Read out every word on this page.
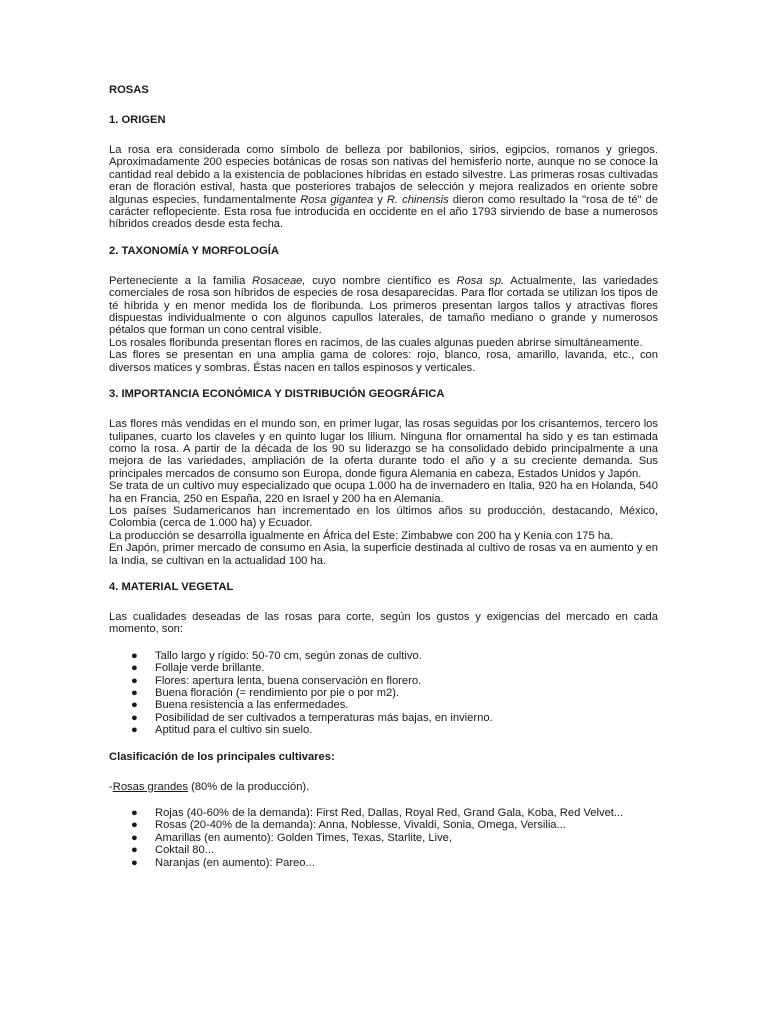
ROSAS
1. ORIGEN

La rosa era considerada como símbolo de belleza por babilonios, sirios, egipcios, romanos y griegos. Aproximadamente 200 especies botánicas de rosas son nativas del hemisferio norte, aunque no se conoce la cantidad real debido a la existencia de poblaciones híbridas en estado silvestre. Las primeras rosas cultivadas eran de floración estival, hasta que posteriores trabajos de selección y mejora realizados en oriente sobre algunas especies, fundamentalmente Rosa gigantea y R. chinensis dieron como resultado la "rosa de té" de carácter reflореciente. Esta rosa fue introducida en occidente en el año 1793 sirviendo de base a numerosos híbridos creados desde esta fecha.

2. TAXONOMÍA Y MORFOLOGÍA

Perteneciente a la familia Rosaceae, cuyo nombre científico es Rosa sp. Actualmente, las variedades comerciales de rosa son híbridos de especies de rosa desaparecidas. Para flor cortada se utilizan los tipos de té híbrida y en menor medida los de floribunda. Los primeros presentan largos tallos y atractivas flores dispuestas individualmente o con algunos capullos laterales, de tamaño mediano o grande y numerosos pétalos que forman un cono central visible.

Los rosales floribunda presentan flores en racimos, de las cuales algunas pueden abrirse simultáneamente.

Las flores se presentan en una amplia gama de colores: rojo, blanco, rosa, amarillo, lavanda, etc., con diversos matices y sombras. Éstas nacen en tallos espinosos y verticales.

3. IMPORTANCIA ECONÓMICA Y DISTRIBUCIÓN GEOGRÁFICA

Las flores más vendidas en el mundo son, en primer lugar, las rosas seguidas por los crisantemos, tercero los tulipanes, cuarto los claveles y en quinto lugar los lilium. Ninguna flor ornamental ha sido y es tan estimada como la rosa. A partir de la década de los 90 su liderazgo se ha consolidado debido principalmente a una mejora de las variedades, ampliación de la oferta durante todo el año y a su creciente demanda. Sus principales mercados de consumo son Europa, donde figura Alemania en cabeza, Estados Unidos y Japón.

Se trata de un cultivo muy especializado que ocupa 1.000 ha de invernadero en Italia, 920 ha en Holanda, 540 ha en Francia, 250 en España, 220 en Israel y 200 ha en Alemania.

Los países Sudamericanos han incrementado en los últimos años su producción, destacando, México, Colombia (cerca de 1.000 ha) y Ecuador.

La producción se desarrolla igualmente en África del Este: Zimbabwe con 200 ha y Kenia con 175 ha.

En Japón, primer mercado de consumo en Asia, la superficie destinada al cultivo de rosas va en aumento y en la India, se cultivan en la actualidad 100 ha.

4. MATERIAL VEGETAL

Las cualidades deseadas de las rosas para corte, según los gustos y exigencias del mercado en cada momento, son:

● Tallo largo y rígido: 50-70 cm, según zonas de cultivo.
● Follaje verde brillante.
● Flores: apertura lenta, buena conservación en florero.
● Buena floración (= rendimiento por pie o por m2).
● Buena resistencia a las enfermedades.
● Posibilidad de ser cultivados a temperaturas más bajas, en invierno.
● Aptitud para el cultivo sin suelo.
Clasificación de los principales cultivares:

-Rosas grandes (80% de la producción).

● Rojas (40-60% de la demanda): First Red, Dallas, Royal Red, Grand Gala, Koba, Red Velvet...
● Rosas (20-40% de la demanda): Anna, Noblesse, Vivaldi, Sonia, Omega, Versilia...
● Amarillas (en aumento): Golden Times, Texas, Starlite, Live,
● Coktail 80...
● Naranjas (en aumento): Pareo...
